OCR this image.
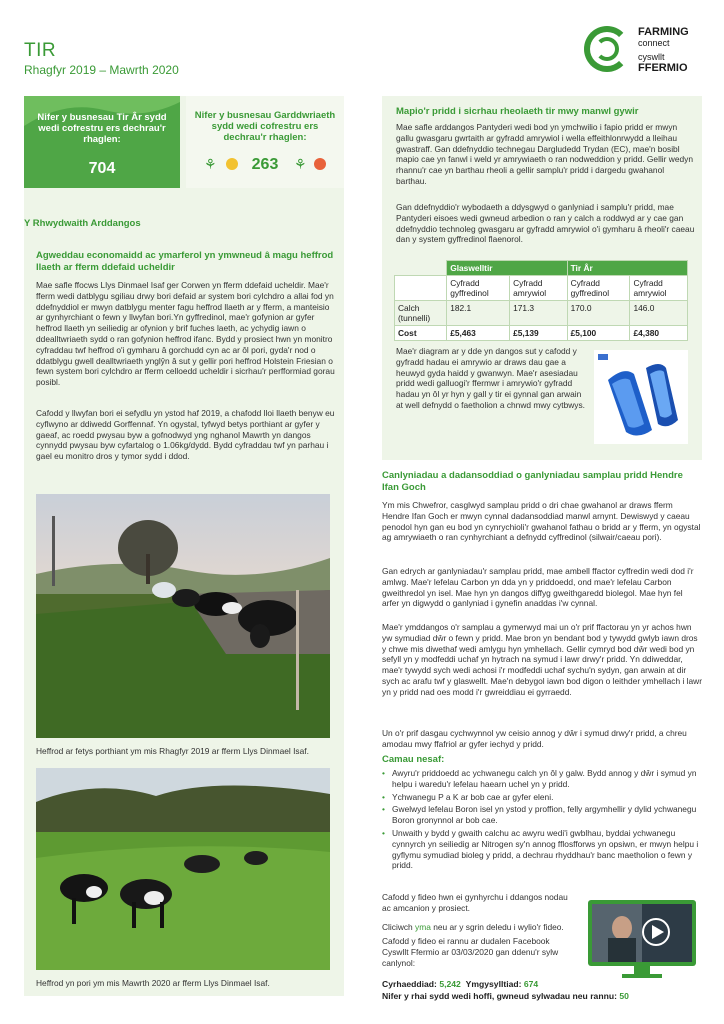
TIR
Rhagfyr 2019 – Mawrth 2020
FARMING
connect
cyswllt
FFERMIO
Nifer y busnesau Tir Âr sydd wedi cofrestru ers dechrau'r rhaglen:
704
Nifer y busnesau Garddwriaeth sydd wedi cofrestru ers dechrau'r rhaglen:
⚘	263	⚘
Y Rhwydwaith Arddangos
Agweddau economaidd ac ymarferol yn ymwneud â magu heffrod llaeth ar fferm ddefaid ucheldir

Mae safle ffocws Llys Dinmael Isaf ger Corwen yn fferm ddefaid ucheldir. Mae'r fferm wedi datblygu sgiliau drwy bori defaid ar system bori cylchdro a allai fod yn ddefnyddiol er mwyn datblygu menter fagu heffrod llaeth ar y fferm, a manteisio ar gynhyrchiant o fewn y llwyfan bori.Yn gyffredinol, mae'r gofynion ar gyfer heffrod llaeth yn seiliedig ar ofynion y brif fuches laeth, ac ychydig iawn o ddealltwriaeth sydd o ran gofynion heffrod ifanc. Bydd y prosiect hwn yn monitro cyfraddau twf heffrod o'i gymharu â gorchudd cyn ac ar ôl pori, gyda'r nod o ddatblygu gwell dealltwriaeth ynglŷn â sut y gellir pori heffrod Holstein Friesian o fewn system bori cylchdro ar fferm celloedd ucheldir i sicrhau'r perfformiad gorau posibl.

Cafodd y llwyfan bori ei sefydlu yn ystod haf 2019, a chafodd lloi llaeth benyw eu cyflwyno ar ddiwedd Gorffennaf. Yn ogystal, tyfwyd betys porthiant ar gyfer y gaeaf, ac roedd pwysau byw a gofnodwyd yng nghanol Mawrth yn dangos cynnydd pwysau byw cyfartalog o 1.06kg/dydd. Bydd cyfraddau twf yn parhau i gael eu monitro dros y tymor sydd i ddod.

Heffrod ar fetys porthiant ym mis Rhagfyr 2019 ar fferm Llys Dinmael Isaf.
Heffrod yn pori ym mis Mawrth 2020 ar fferm Llys Dinmael Isaf.
Mapio'r pridd i sicrhau rheolaeth tir mwy manwl gywir

Mae safle arddangos Pantyderi wedi bod yn ymchwilio i fapio pridd er mwyn gallu gwasgaru gwrtaith ar gyfradd amrywiol i wella effeithlonrwydd a lleihau gwastraff. Gan ddefnyddio technegau Dargludedd Trydan (EC), mae'n bosibl mapio cae yn fanwl i weld yr amrywiaeth o ran nodweddion y pridd. Gellir wedyn rhannu'r cae yn barthau rheoli a gellir samplu'r pridd i dargedu gwahanol barthau.

Gan ddefnyddio'r wybodaeth a ddysgwyd o ganlyniad i samplu'r pridd, mae Pantyderi eisoes wedi gwneud arbedion o ran y calch a roddwyd ar y cae gan ddefnyddio technoleg gwasgaru ar gyfradd amrywiol o'i gymharu â rheoli'r caeau dan y system gyffredinol flaenorol.

	Glaswelltir		Tir Âr	
	Cyfradd gyffredinol	Cyfradd amrywiol	Cyfradd gyffredinol	Cyfradd amrywiol
Calch (tunnelli)	182.1	171.3	170.0	146.0
Cost	£5,463	£5,139	£5,100	£4,380

Mae'r diagram ar y dde yn dangos sut y cafodd y gyfradd hadau ei amrywio ar draws dau gae a heuwyd gyda haidd y gwanwyn. Mae'r asesiadau pridd wedi galluogi'r ffermwr i amrywio'r gyfradd hadau yn ôl yr hyn y gall y tir ei gynnal gan arwain at well defnydd o faetholion a chnwd mwy cytbwys.

Canlyniadau a dadansoddiad o ganlyniadau samplau pridd Hendre Ifan Goch

Ym mis Chwefror, casglwyd samplau pridd o dri chae gwahanol ar draws fferm Hendre Ifan Goch er mwyn cynnal dadansoddiad manwl arnynt. Dewiswyd y caeau penodol hyn gan eu bod yn cynrychioli'r gwahanol fathau o bridd ar y fferm, yn ogystal ag amrywiaeth o ran cynhyrchiant a defnydd cyffredinol (silwair/caeau pori).

Gan edrych ar ganlyniadau'r samplau pridd, mae ambell ffactor cyffredin wedi dod i'r amlwg. Mae'r lefelau Carbon yn dda yn y priddoedd, ond mae'r lefelau Carbon gweithredol yn isel. Mae hyn yn dangos diffyg gweithgaredd biolegol. Mae hyn fel arfer yn digwydd o ganlyniad i gynefin anaddas i'w cynnal.

Mae'r ymddangos o'r samplau a gymerwyd mai un o'r prif ffactorau yn yr achos hwn yw symudiad dŵr o fewn y pridd. Mae bron yn bendant bod y tywydd gwlyb iawn dros y chwe mis diwethaf wedi amlygu hyn ymhellach. Gellir cymryd bod dŵr wedi bod yn sefyll yn y modfeddi uchaf yn hytrach na symud i lawr drwy'r pridd. Yn ddiweddar, mae'r tywydd sych wedi achosi i'r modfeddi uchaf sychu'n sydyn, gan arwain at dir sych ac arafu twf y glaswellt. Mae'n debygol iawn bod digon o leithder ymhellach i lawr yn y pridd nad oes modd i'r gwreiddiau ei gyrraedd.

Un o'r prif dasgau cychwynnol yw ceisio annog y dŵr i symud drwy'r pridd, a chreu amodau mwy ffafriol ar gyfer iechyd y pridd.

Camau nesaf:
• Awyru'r priddoedd ac ychwanegu calch yn ôl y galw. Bydd annog y dŵr i symud yn helpu i waredu'r lefelau haearn uchel yn y pridd.
• Ychwanegu P a K ar bob cae ar gyfer eleni.
• Gwelwyd lefelau Boron isel yn ystod y proffion, felly argymhellir y dylid ychwanegu Boron gronynnol ar bob cae.
• Unwaith y bydd y gwaith calchu ac awyru wedi'i gwblhau, byddai ychwanegu cynnyrch yn seiliedig ar Nitrogen sy'n annog fflosfforws yn opsiwn, er mwyn helpu i gyflymu symudiad bioleg y pridd, a dechrau rhyddhau'r banc maetholion o fewn y pridd.

Cafodd y fideo hwn ei gynhyrchu i ddangos nodau ac amcanion y prosiect.

Cliciwch yma neu ar y sgrin deledu i wylio'r fideo.

Cafodd y fideo ei rannu ar dudalen Facebook Cyswllt Ffermio ar 03/03/2020 gan ddenu'r sylw canlynol:

Cyrhaeddiad: 5,242 Ymgysylltiad: 674
Nifer y rhai sydd wedi hoffi, gwneud sylwadau neu rannu: 50
